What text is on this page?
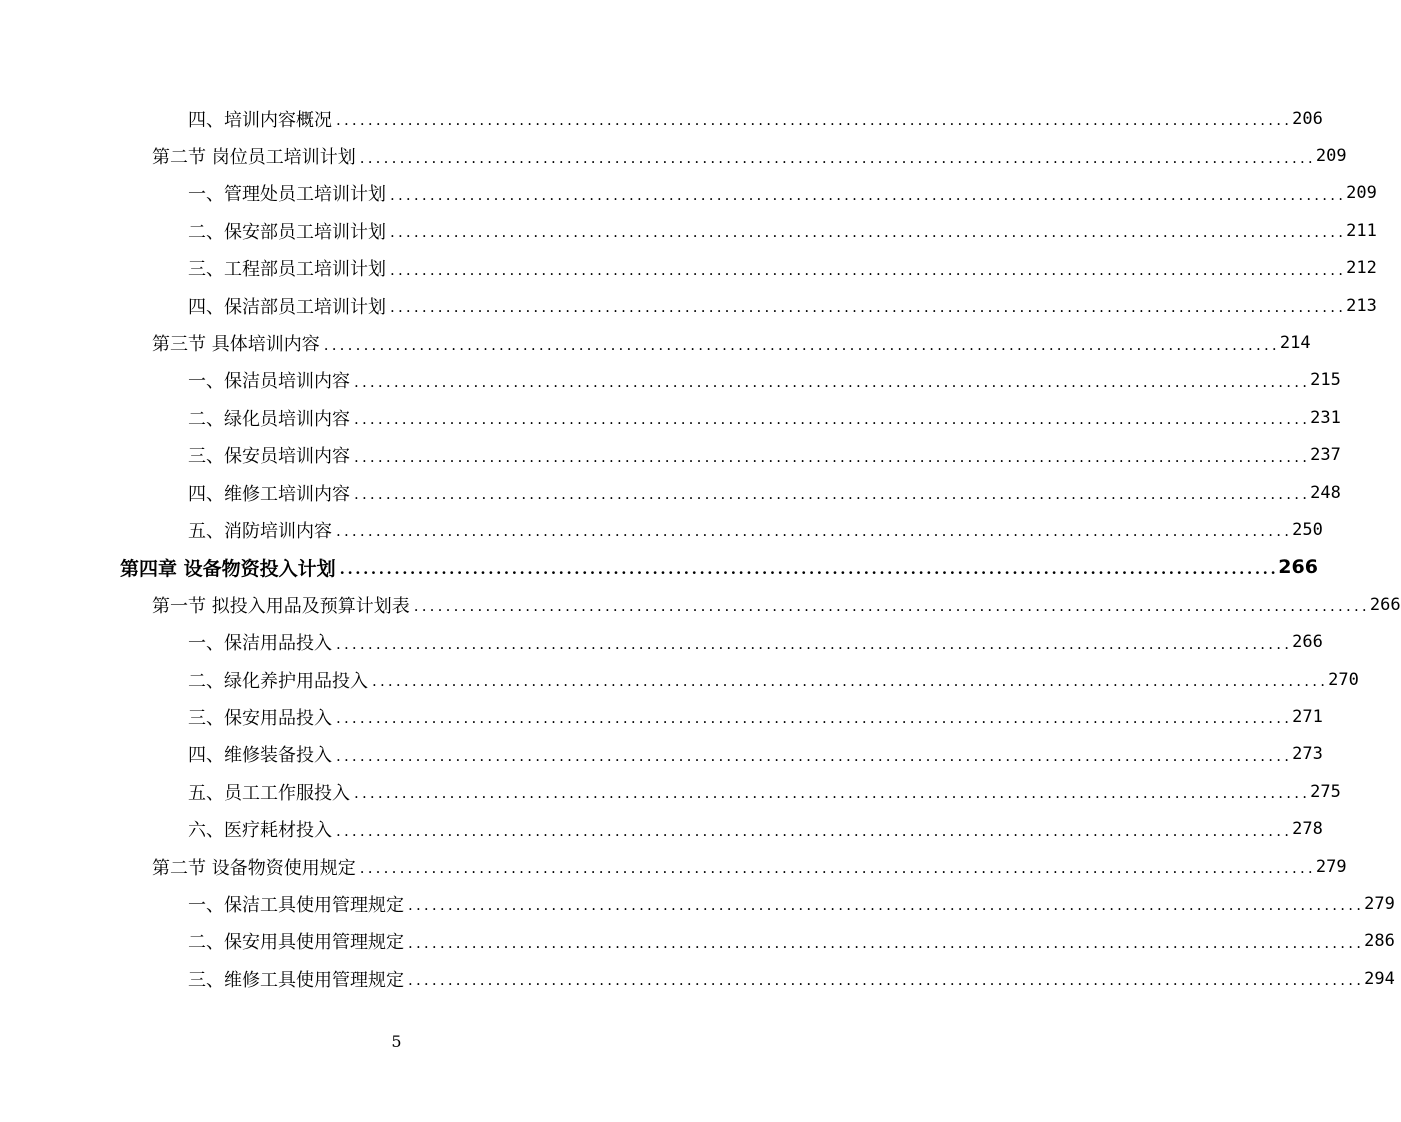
四、培训内容概况 ........................................................................................................................ 206
第二节 岗位员工培训计划 ........................................................................................................................ 209
一、管理处员工培训计划 ........................................................................................................................ 209
二、保安部员工培训计划 ........................................................................................................................ 211
三、工程部员工培训计划 ........................................................................................................................ 212
四、保洁部员工培训计划 ........................................................................................................................ 213
第三节 具体培训内容 ........................................................................................................................ 214
一、保洁员培训内容 ........................................................................................................................ 215
二、绿化员培训内容 ........................................................................................................................ 231
三、保安员培训内容 ........................................................................................................................ 237
四、维修工培训内容 ........................................................................................................................ 248
五、消防培训内容 ........................................................................................................................ 250
第四章 设备物资投入计划 ........................................................................................................................ 266
第一节 拟投入用品及预算计划表 ........................................................................................................................ 266
一、保洁用品投入 ........................................................................................................................ 266
二、绿化养护用品投入 ........................................................................................................................ 270
三、保安用品投入 ........................................................................................................................ 271
四、维修装备投入 ........................................................................................................................ 273
五、员工工作服投入 ........................................................................................................................ 275
六、医疗耗材投入 ........................................................................................................................ 278
第二节 设备物资使用规定 ........................................................................................................................ 279
一、保洁工具使用管理规定 ........................................................................................................................ 279
二、保安用具使用管理规定 ........................................................................................................................ 286
三、维修工具使用管理规定 ........................................................................................................................ 294
5
